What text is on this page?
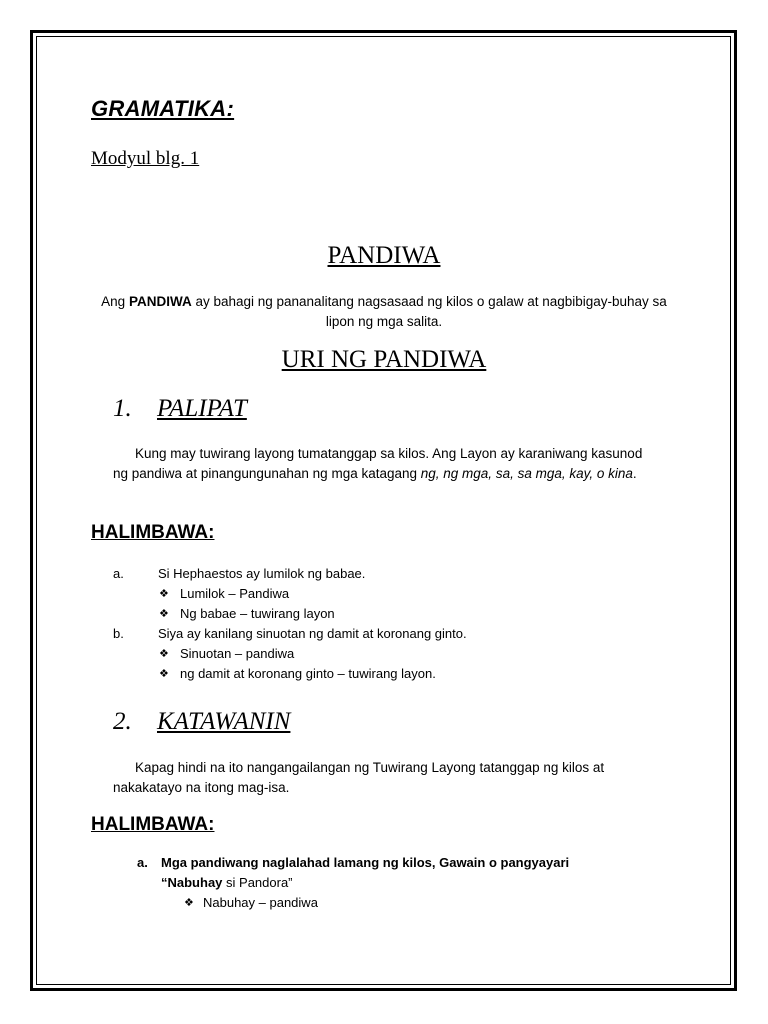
GRAMATIKA:
Modyul blg. 1
PANDIWA
Ang PANDIWA ay bahagi ng pananalitang nagsasaad ng kilos o galaw at nagbibigay-buhay sa lipon ng mga salita.
URI NG PANDIWA
1. PALIPAT
Kung may tuwirang layong tumatanggap sa kilos. Ang Layon ay karaniwang kasunod ng pandiwa at pinangungunahan ng mga katagang ng, ng mga, sa, sa mga, kay, o kina.
HALIMBAWA:
a.	Si Hephaestos ay lumilok ng babae.
❖ Lumilok – Pandiwa
❖ Ng babae – tuwirang layon
b.	Siya ay kanilang sinuotan ng damit at koronang ginto.
❖ Sinuotan – pandiwa
❖ ng damit at koronang ginto – tuwirang layon.
2. KATAWANIN
Kapag hindi na ito nangangailangan ng Tuwirang Layong tatanggap ng kilos at nakakatayo na itong mag-isa.
HALIMBAWA:
a. Mga pandiwang naglalahad lamang ng kilos, Gawain o pangyayari
“Nabuhay si Pandora”
❖ Nabuhay – pandiwa
